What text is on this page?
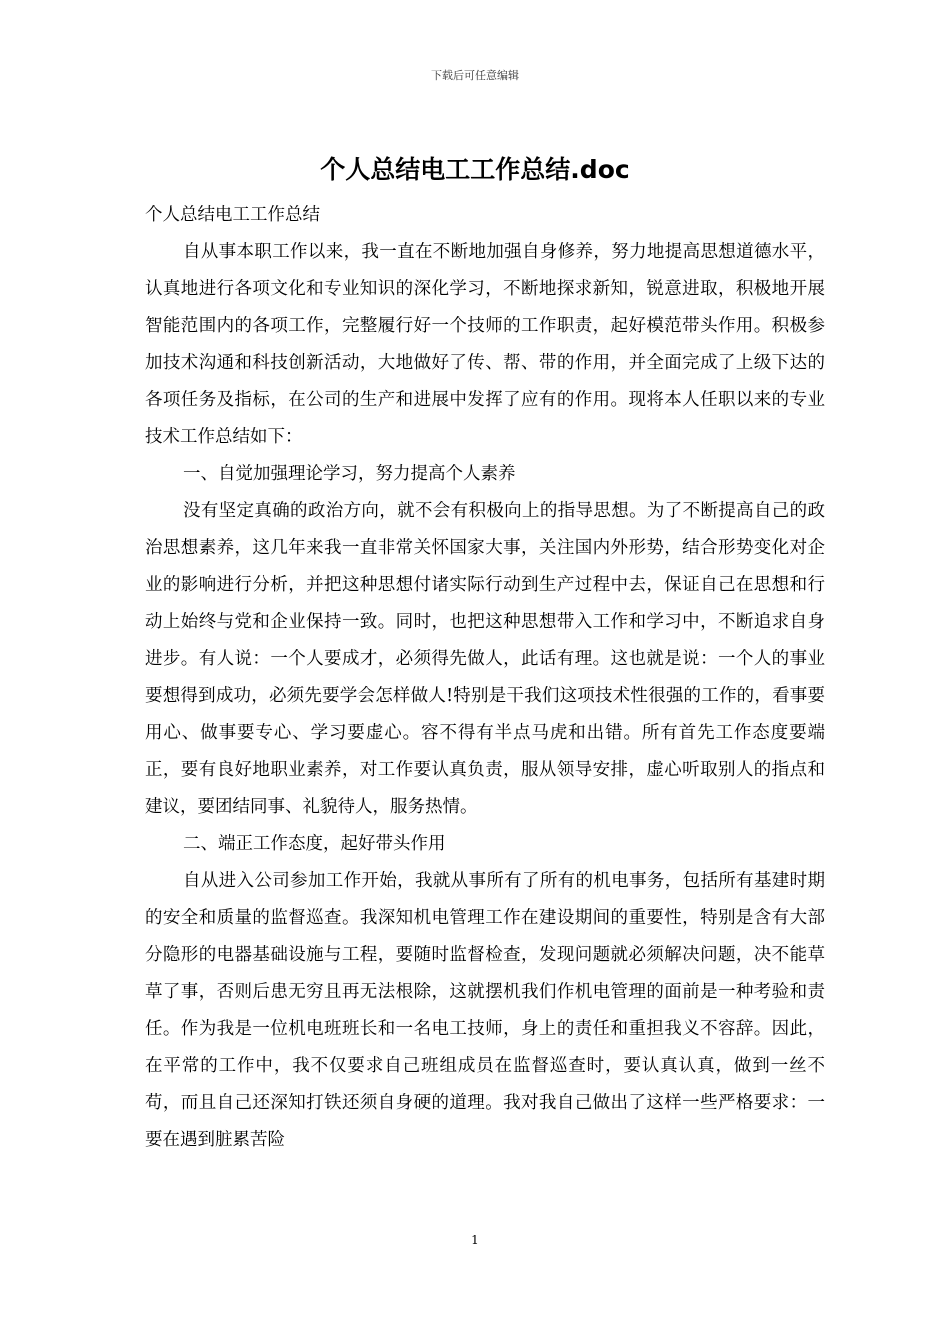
下载后可任意编辑
个人总结电工工作总结.doc

个人总结电工工作总结

自从事本职工作以来，我一直在不断地加强自身修养，努力地提高思想道德水平，认真地进行各项文化和专业知识的深化学习，不断地探求新知，锐意进取，积极地开展智能范围内的各项工作，完整履行好一个技师的工作职责，起好模范带头作用。积极参加技术沟通和科技创新活动，大地做好了传、帮、带的作用，并全面完成了上级下达的各项任务及指标，在公司的生产和进展中发挥了应有的作用。现将本人任职以来的专业技术工作总结如下：

一、自觉加强理论学习，努力提高个人素养

没有坚定真确的政治方向，就不会有积极向上的指导思想。为了不断提高自己的政治思想素养，这几年来我一直非常关怀国家大事，关注国内外形势，结合形势变化对企业的影响进行分析，并把这种思想付诸实际行动到生产过程中去，保证自己在思想和行动上始终与党和企业保持一致。同时，也把这种思想带入工作和学习中，不断追求自身进步。有人说：一个人要成才，必须得先做人，此话有理。这也就是说：一个人的事业要想得到成功，必须先要学会怎样做人!特别是干我们这项技术性很强的工作的，看事要用心、做事要专心、学习要虚心。容不得有半点马虎和出错。所有首先工作态度要端正，要有良好地职业素养，对工作要认真负责，服从领导安排，虚心听取别人的指点和建议，要团结同事、礼貌待人，服务热情。

二、端正工作态度，起好带头作用

自从进入公司参加工作开始，我就从事所有了所有的机电事务，包括所有基建时期的安全和质量的监督巡查。我深知机电管理工作在建设期间的重要性，特别是含有大部分隐形的电器基础设施与工程，要随时监督检查，发现问题就必须解决问题，决不能草草了事，否则后患无穷且再无法根除，这就摆机我们作机电管理的面前是一种考验和责任。作为我是一位机电班班长和一名电工技师，身上的责任和重担我义不容辞。因此，在平常的工作中，我不仅要求自己班组成员在监督巡查时，要认真认真，做到一丝不苟，而且自己还深知打铁还须自身硬的道理。我对我自己做出了这样一些严格要求：一要在遇到脏累苦险

1
